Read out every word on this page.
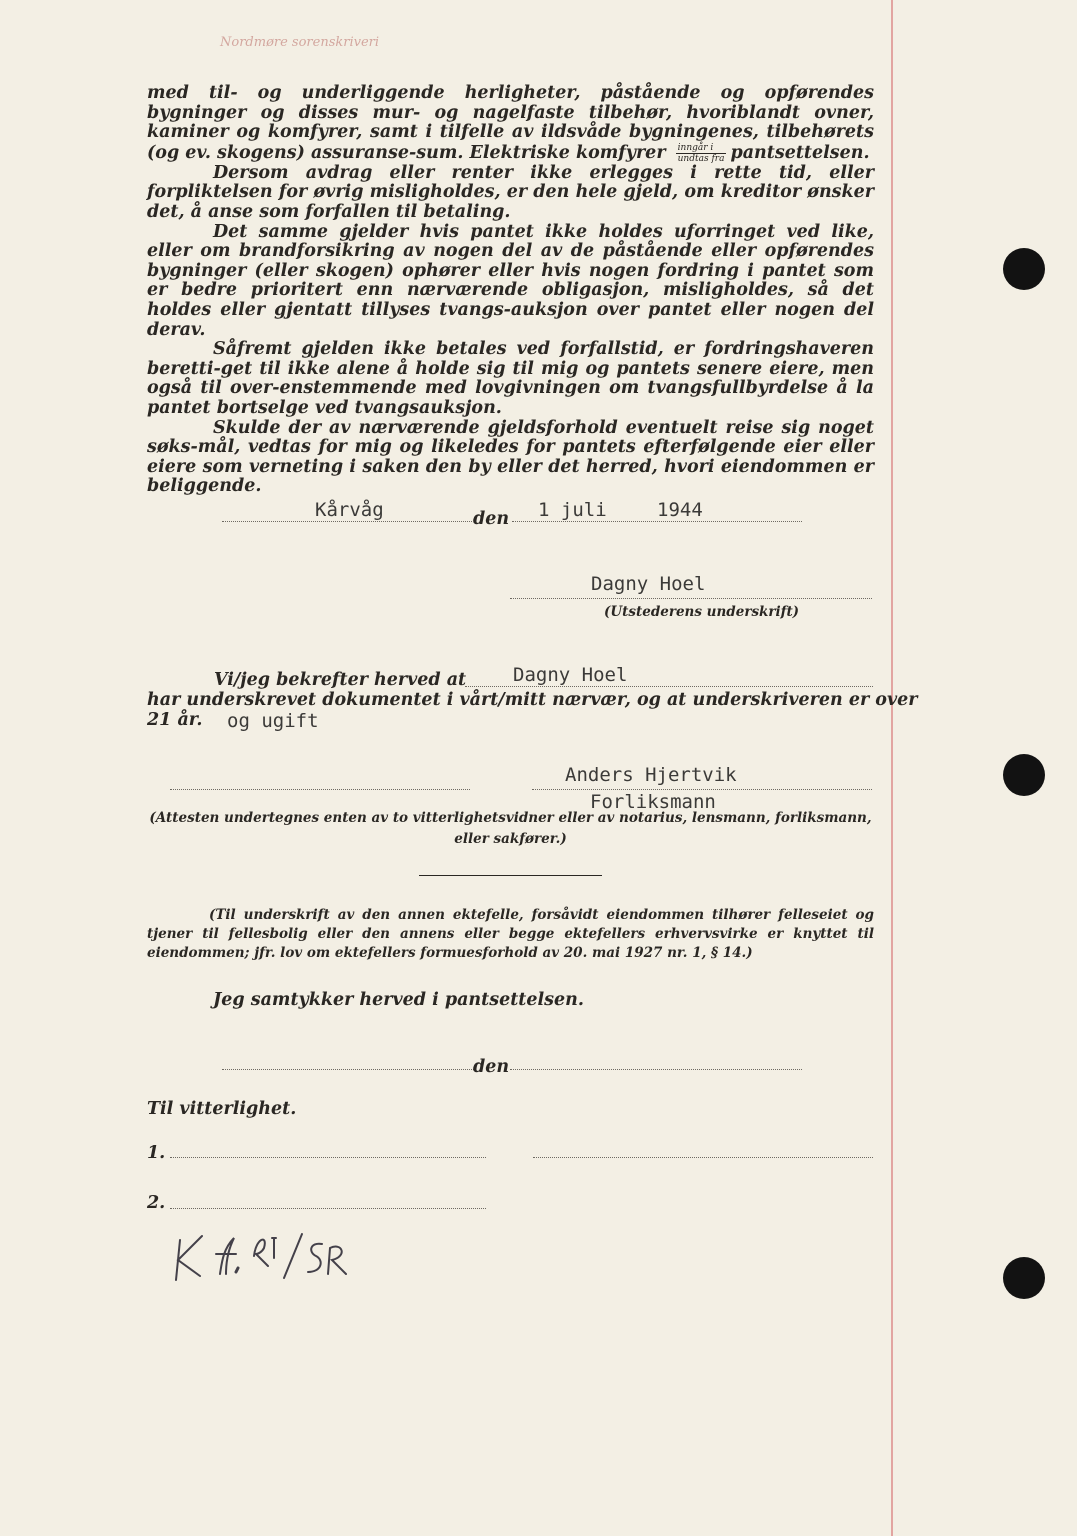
Nordmøre sorenskriveri

med til- og underliggende herligheter, påstående og opførendes bygninger og disses mur- og nagelfaste tilbehør, hvoriblandt ovner, kaminer og komfyrer, samt i tilfelle av ildsvåde bygningenes, tilbehørets (og ev. skogens) assuranse-sum. Elektriske komfyrer $\frac{\text{inngår i}}{\text{undtas fra}}$ pantsettelsen.

Dersom avdrag eller renter ikke erlegges i rette tid, eller forpliktelsen for øvrig misligholdes, er den hele gjeld, om kreditor ønsker det, å anse som forfallen til betaling.

Det samme gjelder hvis pantet ikke holdes uforringet ved like, eller om brandforsikring av nogen del av de påstående eller opførendes bygninger (eller skogen) ophører eller hvis nogen fordring i pantet som er bedre prioritert enn nærværende obligasjon, misligholdes, så det holdes eller gjentatt tillyses tvangs-auksjon over pantet eller nogen del derav.

Såfremt gjelden ikke betales ved forfallstid, er fordringshaveren beretti-get til ikke alene å holde sig til mig og pantets senere eiere, men også til over-enstemmende med lovgivningen om tvangsfullbyrdelse å la pantet bortselge ved tvangsauksjon.

Skulde der av nærværende gjeldsforhold eventuelt reise sig noget søks-mål, vedtas for mig og likeledes for pantets efterfølgende eier eller eiere som verneting i saken den by eller det herred, hvori eiendommen er beliggende.

Kårvåg	den 1 juli	1944
Dagny Hoel
(Utstederens underskrift)
Vi/jeg bekrefter herved at Dagny Hoel
har underskrevet dokumentet i vårt/mitt nærvær, og at underskriveren er over
21 år. og ugift
Anders Hjertvik
Forliksmann
(Attesten undertegnes enten av to vitterlighetsvidner eller av notarius, lensmann, forliksmann,
eller sakfører.)

(Til underskrift av den annen ektefelle, forsåvidt eiendommen tilhører felleseiet og tjener til fellesbolig eller den annens eller begge ektefellers erhvervsvirke er knyttet til eiendommen; jfr. lov om ektefellers formuesforhold av 20. mai 1927 nr. 1, § 14.)

Jeg samtykker herved i pantsettelsen.
den
Til vitterlighet.
1.
2.
